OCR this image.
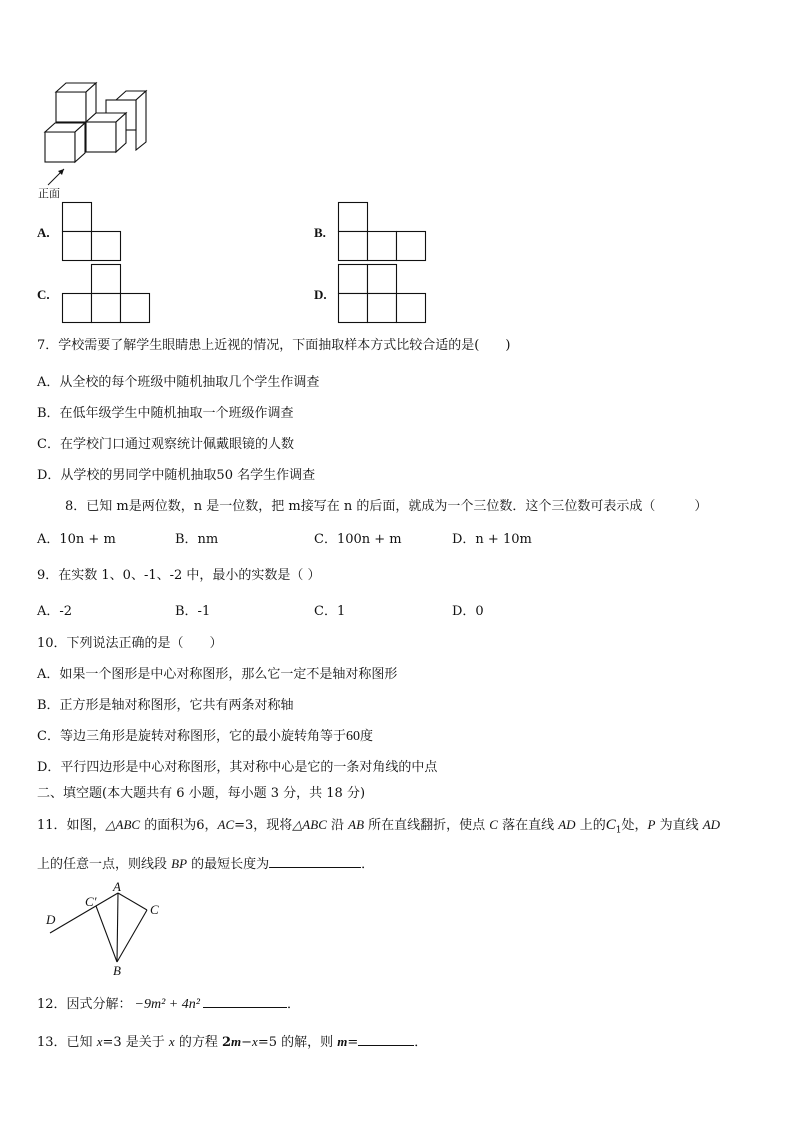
正面
A.	B.
C.	D.
7．学校需要了解学生眼睛患上近视的情况，下面抽取样本方式比较合适的是(　　)
A．从全校的每个班级中随机抽取几个学生作调查
B．在低年级学生中随机抽取一个班级作调查
C．在学校门口通过观察统计佩戴眼镜的人数
D．从学校的男同学中随机抽取50 名学生作调查
8．已知 m是两位数，n 是一位数，把 m接写在 n 的后面，就成为一个三位数．这个三位数可表示成（　　　）
A．10n + m	B．nm	C．100n + m	D．n + 10m
9．在实数 1、0、-1、-2 中，最小的实数是（ ）
A．-2	B．-1	C．1	D．0
10．下列说法正确的是（　　）
A．如果一个图形是中心对称图形，那么它一定不是轴对称图形
B．正方形是轴对称图形，它共有两条对称轴
C．等边三角形是旋转对称图形，它的最小旋转角等于60度
D．平行四边形是中心对称图形，其对称中心是它的一条对角线的中点
二、填空题(本大题共有 6 小题，每小题 3 分，共 18 分)
11．如图，△ABC 的面积为6，AC=3，现将△ABC 沿 AB 所在直线翻折，使点 C 落在直线 AD 上的$C_1$处，P 为直线 AD
上的任意一点，则线段 BP 的最短长度为	．
A
C′
C
D
B
12．因式分解： −9m² + 4n²	．
13．已知 x=3 是关于 x 的方程 2m−x=5 的解，则 m=	．
